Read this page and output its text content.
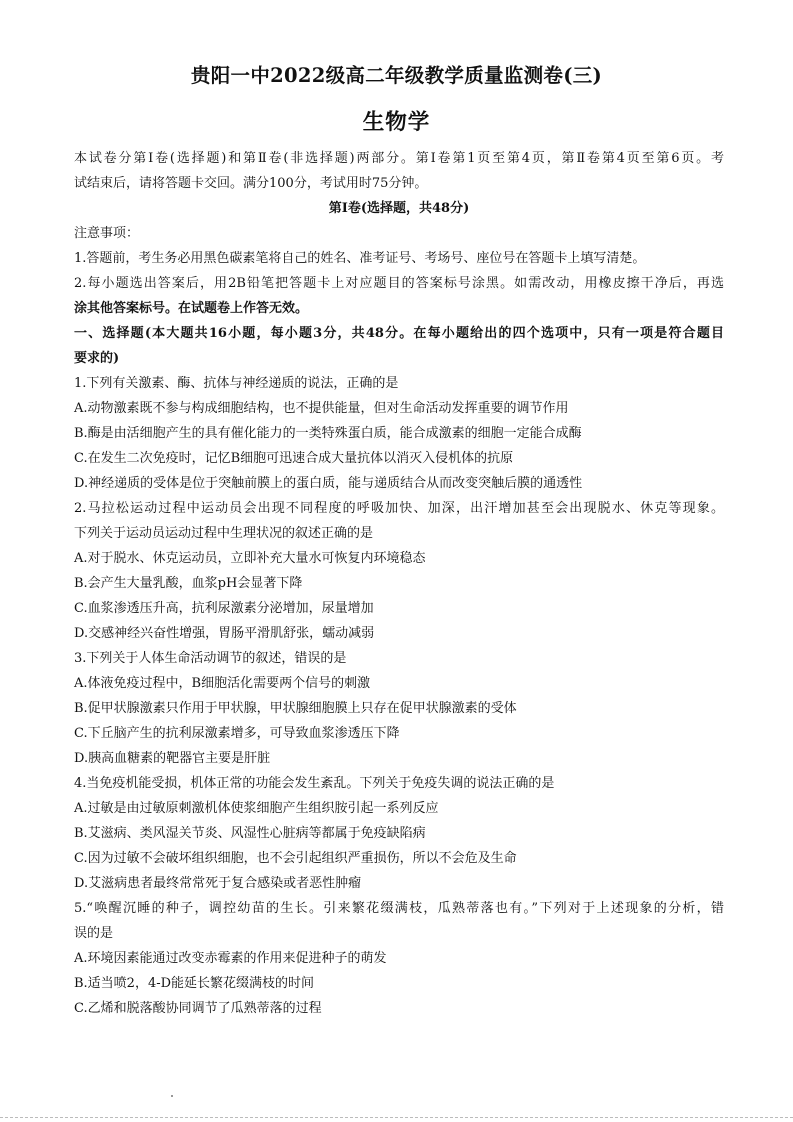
贵阳一中2022级高二年级教学质量监测卷(三)
生物学
本试卷分第Ⅰ卷(选择题)和第Ⅱ卷(非选择题)两部分。第Ⅰ卷第1页至第4页，第Ⅱ卷第4页至第6页。考
试结束后，请将答题卡交回。满分100分，考试用时75分钟。
第Ⅰ卷(选择题，共48分)
注意事项：
1.答题前，考生务必用黑色碳素笔将自己的姓名、准考证号、考场号、座位号在答题卡上填写清楚。
2.每小题选出答案后，用2B铅笔把答题卡上对应题目的答案标号涂黑。如需改动，用橡皮擦干净后，再选
涂其他答案标号。在试题卷上作答无效。
一、选择题(本大题共16小题，每小题3分，共48分。在每小题给出的四个选项中，只有一项是符合题目
要求的)
1.下列有关激素、酶、抗体与神经递质的说法，正确的是
A.动物激素既不参与构成细胞结构，也不提供能量，但对生命活动发挥重要的调节作用
B.酶是由活细胞产生的具有催化能力的一类特殊蛋白质，能合成激素的细胞一定能合成酶
C.在发生二次免疫时，记忆B细胞可迅速合成大量抗体以消灭入侵机体的抗原
D.神经递质的受体是位于突触前膜上的蛋白质，能与递质结合从而改变突触后膜的通透性
2.马拉松运动过程中运动员会出现不同程度的呼吸加快、加深，出汗增加甚至会出现脱水、休克等现象。
下列关于运动员运动过程中生理状况的叙述正确的是
A.对于脱水、休克运动员，立即补充大量水可恢复内环境稳态
B.会产生大量乳酸，血浆pH会显著下降
C.血浆渗透压升高，抗利尿激素分泌增加，尿量增加
D.交感神经兴奋性增强，胃肠平滑肌舒张，蠕动减弱
3.下列关于人体生命活动调节的叙述，错误的是
A.体液免疫过程中，B细胞活化需要两个信号的刺激
B.促甲状腺激素只作用于甲状腺，甲状腺细胞膜上只存在促甲状腺激素的受体
C.下丘脑产生的抗利尿激素增多，可导致血浆渗透压下降
D.胰高血糖素的靶器官主要是肝脏
4.当免疫机能受损，机体正常的功能会发生紊乱。下列关于免疫失调的说法正确的是
A.过敏是由过敏原刺激机体使浆细胞产生组织胺引起一系列反应
B.艾滋病、类风湿关节炎、风湿性心脏病等都属于免疫缺陷病
C.因为过敏不会破坏组织细胞，也不会引起组织严重损伤，所以不会危及生命
D.艾滋病患者最终常常死于复合感染或者恶性肿瘤
5.“唤醒沉睡的种子，调控幼苗的生长。引来繁花缀满枝，瓜熟蒂落也有。”下列对于上述现象的分析，错
误的是
A.环境因素能通过改变赤霉素的作用来促进种子的萌发
B.适当喷2，4-D能延长繁花缀满枝的时间
C.乙烯和脱落酸协同调节了瓜熟蒂落的过程
